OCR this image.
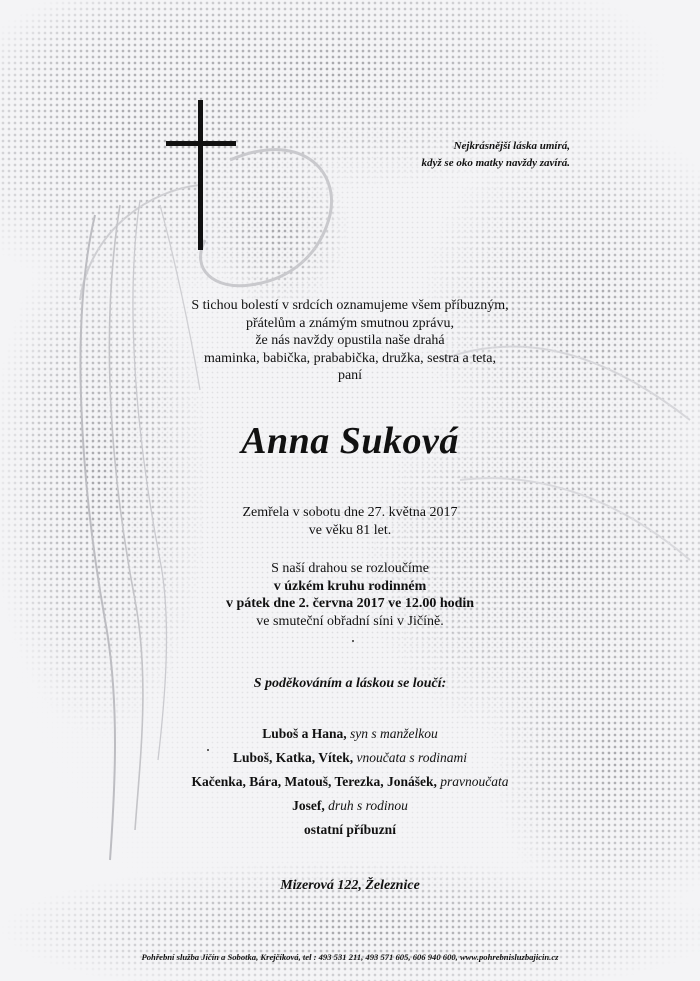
Nejkrásnější láska umírá,
když se oko matky navždy zavírá.
S tichou bolestí v srdcích oznamujeme všem příbuzným,
přátelům a známým smutnou zprávu,
že nás navždy opustila naše drahá
maminka, babička, prababička, družka, sestra a teta,
paní
Anna Suková
Zemřela v sobotu dne 27. května 2017
ve věku 81 let.
S naší drahou se rozloučíme
v úzkém kruhu rodinném
v pátek dne 2. června 2017 ve 12.00 hodin
ve smuteční obřadní síni v Jičíně.
S poděkováním a láskou se loučí:
Luboš a Hana, syn s manželkou
Luboš, Katka, Vítek, vnoučata s rodinami
Kačenka, Bára, Matouš, Terezka, Jonášek, pravnoučata
Josef, druh s rodinou
ostatní příbuzní
Mizerová 122, Železnice
Pohřební služba Jičín a Sobotka, Krejčíková, tel : 493 531 211, 493 571 605, 606 940 600, www.pohrebnisluzbajicin.cz
